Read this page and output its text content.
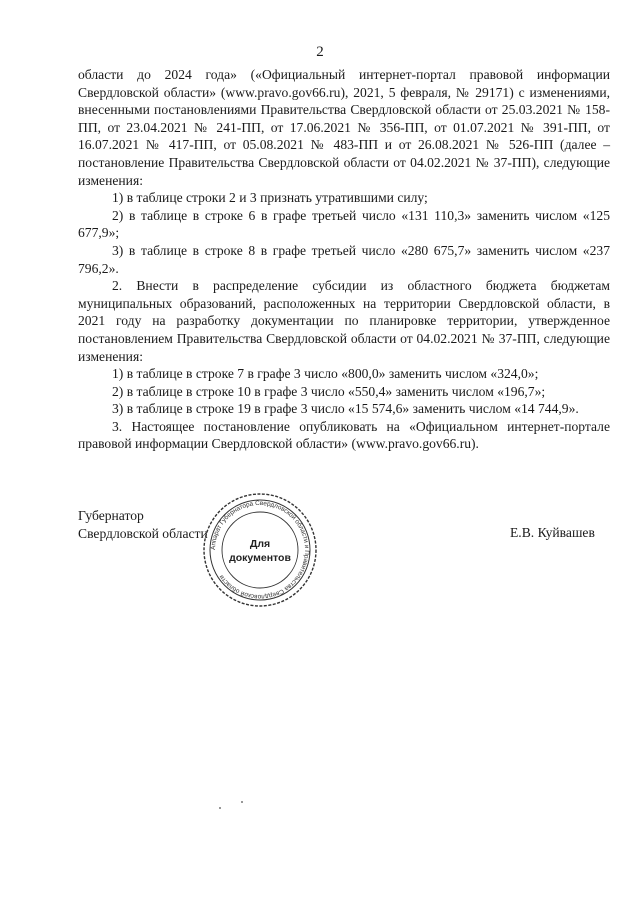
2

области до 2024 года» («Официальный интернет-портал правовой информации Свердловской области» (www.pravo.gov66.ru), 2021, 5 февраля, № 29171) с изменениями, внесенными постановлениями Правительства Свердловской области от 25.03.2021 № 158-ПП, от 23.04.2021 № 241-ПП, от 17.06.2021 № 356-ПП, от 01.07.2021 № 391-ПП, от 16.07.2021 № 417-ПП, от 05.08.2021 № 483-ПП и от 26.08.2021 № 526-ПП (далее – постановление Правительства Свердловской области от 04.02.2021 № 37-ПП), следующие изменения:

1) в таблице строки 2 и 3 признать утратившими силу;

2) в таблице в строке 6 в графе третьей число «131 110,3» заменить числом «125 677,9»;

3) в таблице в строке 8 в графе третьей число «280 675,7» заменить числом «237 796,2».

2. Внести в распределение субсидии из областного бюджета бюджетам муниципальных образований, расположенных на территории Свердловской области, в 2021 году на разработку документации по планировке территории, утвержденное постановлением Правительства Свердловской области от 04.02.2021 № 37-ПП, следующие изменения:

1) в таблице в строке 7 в графе 3 число «800,0» заменить числом «324,0»;

2) в таблице в строке 10 в графе 3 число «550,4» заменить числом «196,7»;

3) в таблице в строке 19 в графе 3 число «15 574,6» заменить числом «14 744,9».

3. Настоящее постановление опубликовать на «Официальном интернет-портале правовой информации Свердловской области» (www.pravo.gov66.ru).

Губернатор
Свердловской области	Е.В. Куйвашев
Аппарат Губернатора Свердловской области и Правительства Свердловской области
Для
документов
